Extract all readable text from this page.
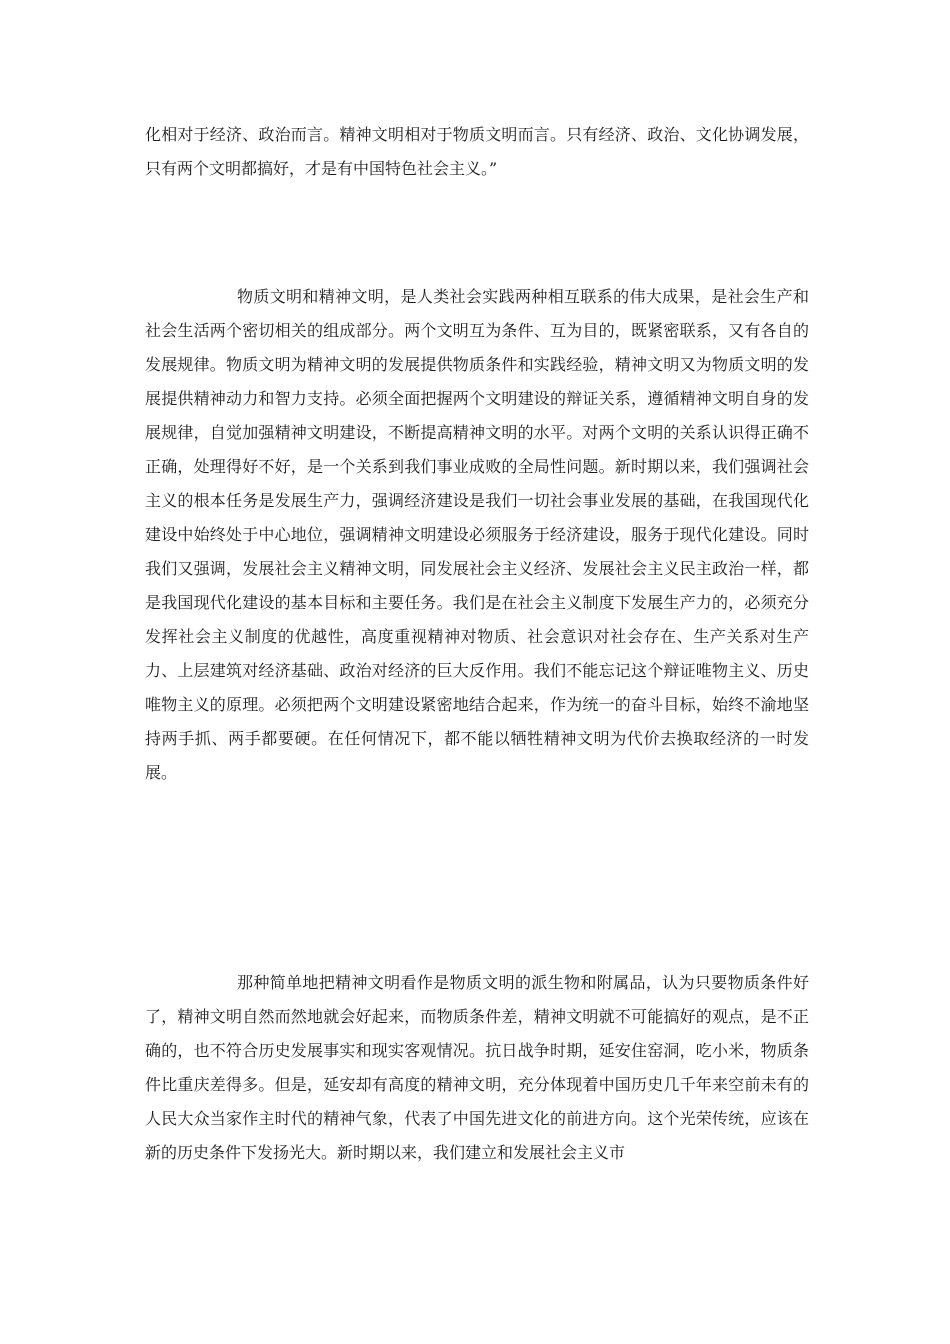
化相对于经济、政治而言。精神文明相对于物质文明而言。只有经济、政治、文化协调发展，只有两个文明都搞好，才是有中国特色社会主义。”

物质文明和精神文明，是人类社会实践两种相互联系的伟大成果，是社会生产和社会生活两个密切相关的组成部分。两个文明互为条件、互为目的，既紧密联系，又有各自的发展规律。物质文明为精神文明的发展提供物质条件和实践经验，精神文明又为物质文明的发展提供精神动力和智力支持。必须全面把握两个文明建设的辩证关系，遵循精神文明自身的发展规律，自觉加强精神文明建设，不断提高精神文明的水平。对两个文明的关系认识得正确不正确，处理得好不好，是一个关系到我们事业成败的全局性问题。新时期以来，我们强调社会主义的根本任务是发展生产力，强调经济建设是我们一切社会事业发展的基础，在我国现代化建设中始终处于中心地位，强调精神文明建设必须服务于经济建设，服务于现代化建设。同时我们又强调，发展社会主义精神文明，同发展社会主义经济、发展社会主义民主政治一样，都是我国现代化建设的基本目标和主要任务。我们是在社会主义制度下发展生产力的，必须充分发挥社会主义制度的优越性，高度重视精神对物质、社会意识对社会存在、生产关系对生产力、上层建筑对经济基础、政治对经济的巨大反作用。我们不能忘记这个辩证唯物主义、历史唯物主义的原理。必须把两个文明建设紧密地结合起来，作为统一的奋斗目标，始终不渝地坚持两手抓、两手都要硬。在任何情况下，都不能以牺牲精神文明为代价去换取经济的一时发展。

那种简单地把精神文明看作是物质文明的派生物和附属品，认为只要物质条件好了，精神文明自然而然地就会好起来，而物质条件差，精神文明就不可能搞好的观点，是不正确的，也不符合历史发展事实和现实客观情况。抗日战争时期，延安住窑洞，吃小米，物质条件比重庆差得多。但是，延安却有高度的精神文明，充分体现着中国历史几千年来空前未有的人民大众当家作主时代的精神气象，代表了中国先进文化的前进方向。这个光荣传统，应该在新的历史条件下发扬光大。新时期以来，我们建立和发展社会主义市
